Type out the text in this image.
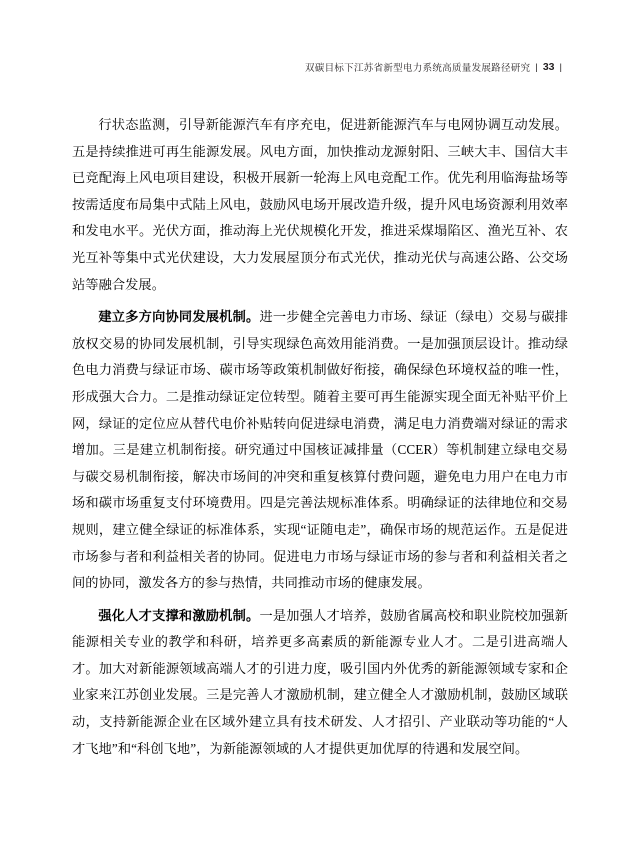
双碳目标下江苏省新型电力系统高质量发展路径研究 | 33 |

行状态监测，引导新能源汽车有序充电，促进新能源汽车与电网协调互动发展。五是持续推进可再生能源发展。风电方面，加快推动龙源射阳、三峡大丰、国信大丰已竞配海上风电项目建设，积极开展新一轮海上风电竞配工作。优先利用临海盐场等按需适度布局集中式陆上风电，鼓励风电场开展改造升级，提升风电场资源利用效率和发电水平。光伏方面，推动海上光伏规模化开发，推进采煤塌陷区、渔光互补、农光互补等集中式光伏建设，大力发展屋顶分布式光伏，推动光伏与高速公路、公交场站等融合发展。

建立多方向协同发展机制。进一步健全完善电力市场、绿证（绿电）交易与碳排放权交易的协同发展机制，引导实现绿色高效用能消费。一是加强顶层设计。推动绿色电力消费与绿证市场、碳市场等政策机制做好衔接，确保绿色环境权益的唯一性，形成强大合力。二是推动绿证定位转型。随着主要可再生能源实现全面无补贴平价上网，绿证的定位应从替代电价补贴转向促进绿电消费，满足电力消费端对绿证的需求增加。三是建立机制衔接。研究通过中国核证减排量（CCER）等机制建立绿电交易与碳交易机制衔接，解决市场间的冲突和重复核算付费问题，避免电力用户在电力市场和碳市场重复支付环境费用。四是完善法规标准体系。明确绿证的法律地位和交易规则，建立健全绿证的标准体系，实现“证随电走”，确保市场的规范运作。五是促进市场参与者和利益相关者的协同。促进电力市场与绿证市场的参与者和利益相关者之间的协同，激发各方的参与热情，共同推动市场的健康发展。

强化人才支撑和激励机制。一是加强人才培养，鼓励省属高校和职业院校加强新能源相关专业的教学和科研，培养更多高素质的新能源专业人才。二是引进高端人才。加大对新能源领域高端人才的引进力度，吸引国内外优秀的新能源领域专家和企业家来江苏创业发展。三是完善人才激励机制，建立健全人才激励机制，鼓励区域联动，支持新能源企业在区域外建立具有技术研发、人才招引、产业联动等功能的“人才飞地”和“科创飞地”，为新能源领域的人才提供更加优厚的待遇和发展空间。
